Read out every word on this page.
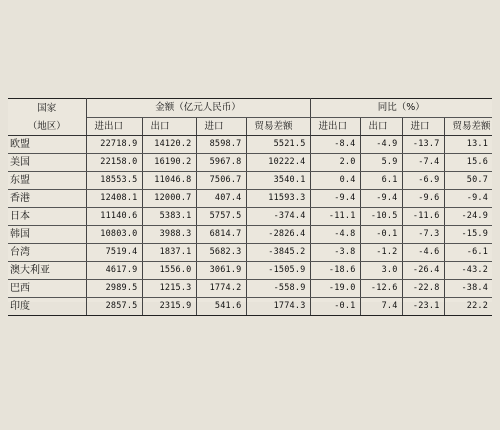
国家	金额（亿元人民币）				同比（%）			
（地区）	进出口	出口	进口	贸易差额	进出口	出口	进口	贸易差额
欧盟	22718.9	14120.2	8598.7	5521.5	-8.4	-4.9	-13.7	13.1
美国	22158.0	16190.2	5967.8	10222.4	2.0	5.9	-7.4	15.6
东盟	18553.5	11046.8	7506.7	3540.1	0.4	6.1	-6.9	50.7
香港	12408.1	12000.7	407.4	11593.3	-9.4	-9.4	-9.6	-9.4
日本	11140.6	5383.1	5757.5	-374.4	-11.1	-10.5	-11.6	-24.9
韩国	10803.0	3988.3	6814.7	-2826.4	-4.8	-0.1	-7.3	-15.9
台湾	7519.4	1837.1	5682.3	-3845.2	-3.8	-1.2	-4.6	-6.1
澳大利亚	4617.9	1556.0	3061.9	-1505.9	-18.6	3.0	-26.4	-43.2
巴西	2989.5	1215.3	1774.2	-558.9	-19.0	-12.6	-22.8	-38.4
印度	2857.5	2315.9	541.6	1774.3	-0.1	7.4	-23.1	22.2
